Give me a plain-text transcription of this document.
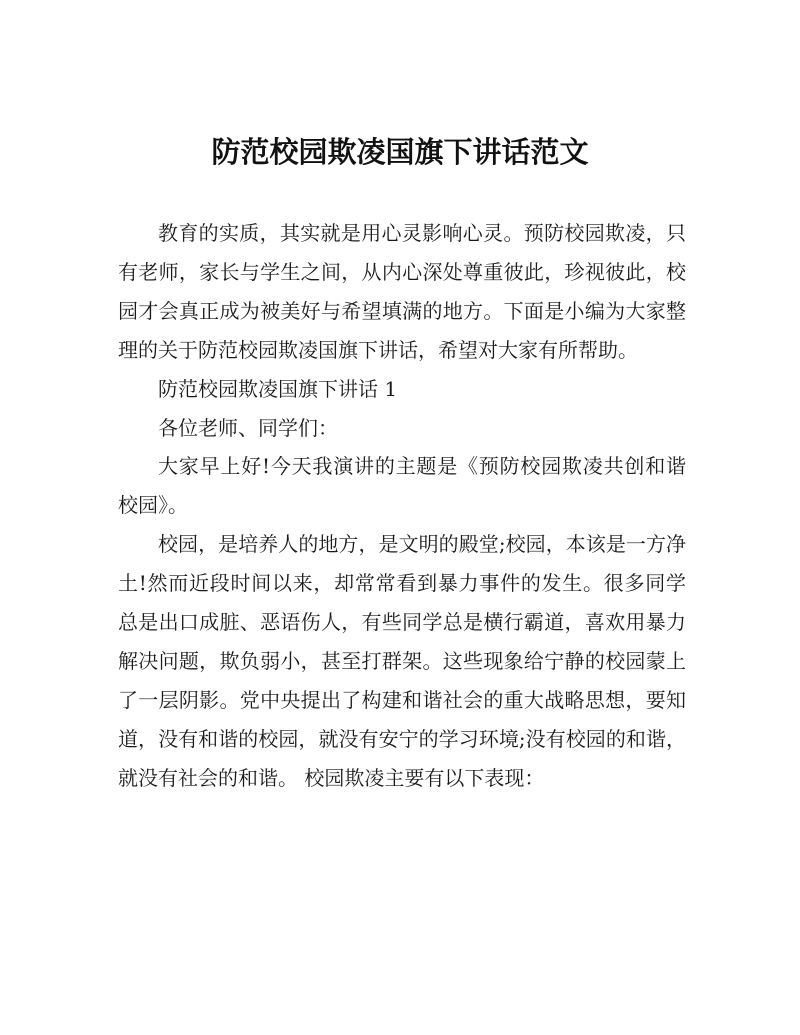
防范校园欺凌国旗下讲话范文

教育的实质，其实就是用心灵影响心灵。预防校园欺凌，只有老师，家长与学生之间，从内心深处尊重彼此，珍视彼此，校园才会真正成为被美好与希望填满的地方。下面是小编为大家整理的关于防范校园欺凌国旗下讲话，希望对大家有所帮助。

防范校园欺凌国旗下讲话 1

各位老师、同学们：

大家早上好!今天我演讲的主题是《预防校园欺凌共创和谐校园》。

校园，是培养人的地方，是文明的殿堂;校园，本该是一方净土!然而近段时间以来，却常常看到暴力事件的发生。很多同学总是出口成脏、恶语伤人，有些同学总是横行霸道，喜欢用暴力解决问题，欺负弱小，甚至打群架。这些现象给宁静的校园蒙上了一层阴影。党中央提出了构建和谐社会的重大战略思想，要知道，没有和谐的校园，就没有安宁的学习环境;没有校园的和谐，就没有社会的和谐。 校园欺凌主要有以下表现：
